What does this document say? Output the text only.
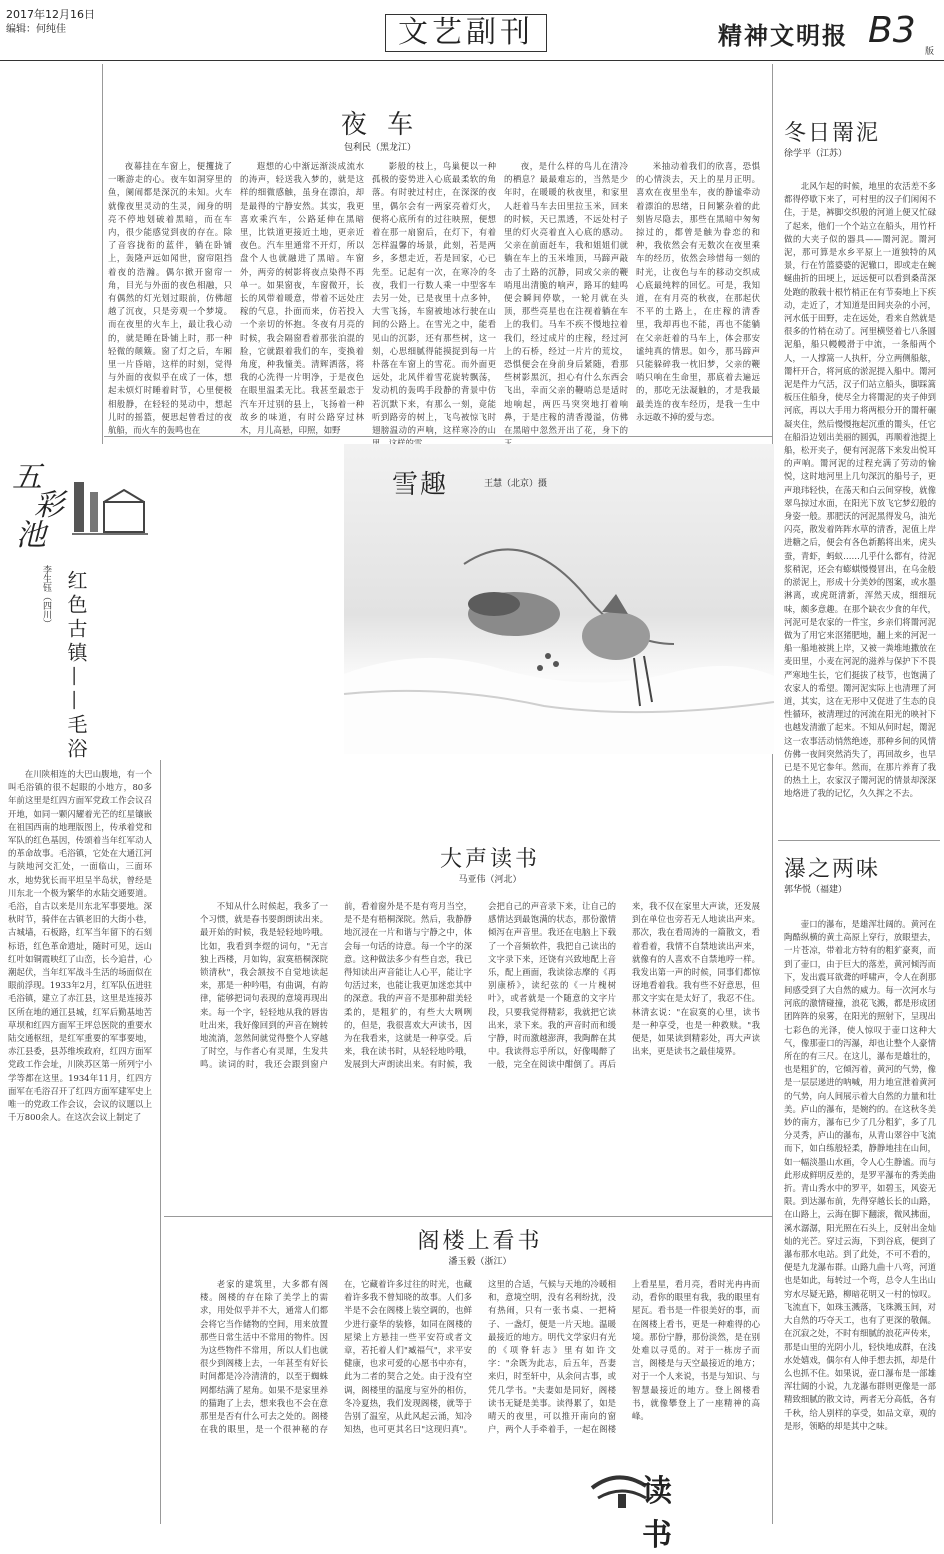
2017年12月16日
编辑：何纯佳	文艺副刊	精神文明报 B3
版
夜 车
包利民（黑龙江）

夜幕挂在车窗上，便攫拢了一晰游走的心。夜车如洞穿里的鱼，阑闹都是深沉的未知。火车就像夜里灵动的生灵，闹身的明亮不停地划破着黑暗，而在车内，很少能感觉到夜的存在。除了音容拢衔的蓝伴，躺在卧铺上，轰隆声远如闻世，窗帘阻挡着夜的浩瀚。偶尔掀开窗帘一角，目光与外面的夜色相融，只有偶然的灯光划过眼前，仿佛超越了沉夜，只是旁观一个梦境。而在夜里的火车上，最让我心动的，就是睡在卧铺上时，那一种轻微的颠簸。窗了灯之后，车厢里一片昏暗，这样的时刻，觉得与外面的夜似乎在成了一体，想起未烦灯时睡着时节，心里便极相般静，在轻轻的晃动中，想起儿时的摇篮，便思起曾看过的夜航船，而火车的轰鸣也在

遐想的心中渐远渐淡成流水的涛声，轻送我入梦的，就是这样的细微感触，虽身在漂泊，却是最得的宁静安然。其实，我更喜欢乘汽车，公路延伸在黑暗里，比铁道更接近土地，更亲近夜色。汽车里通常不开灯，所以盘个人也就融进了黑暗。车窗外，两旁的树影将夜点染得不再单一。如果窗夜，车窗微开，长长的风带着暖意，带着不远处庄稼的气息，扑面而来，仿若投入一个亲切的怀抱。冬夜有月亮的时候，我会隔窗看着那张泊混的脸，它就跟着我们的车，变换着角度，种我憧美。清辉洒落，将我的心洗得一片明净，于是夜色在眼里温柔无比。我甚至最恋于汽车开过别的县上，飞扬着一种故乡的味道，有时公路穿过林木，月儿高悬，印照，如野

影般的枝上，鸟巢便以一种孤极的姿势进入心底最柔软的角落。有时驶过村庄，在深深的夜里，偶尔会有一两家亮着灯火，便将心底所有的过往映照，便想着在那一扇窗后，在灯下，有着怎样温馨的场景，此刻，若是两乡，多想走近，若是回家，心已先至。记起有一次，在寒冷的冬夜，我们一行数人乘一中型客车去另一处，已是夜里十点多钟，大雪飞扬，车窗被地冰行驶在山间的公路上。在雪光之中，能看见山的沉影，还有那些树，这一刻，心思细腻得能摸捉到每一片朴落在车窗上的雪花。而外面更远处，北风伴着雪花旋转飘荡，发动机的轰鸣手段静的背景中仿若沉默下来，有那么一刻，竟能听到路旁的树上，飞鸟被惊飞时翅膀温动的声响，这样寒冷的山

夜，是什么样的鸟儿在清冷的栖息？最最难忘的，当然是少年时，在暖暖的秋夜里，和家里人赶着马车去田里拉玉米，回来的时候，天已黑透，不远处村子里的灯火亮着直入心底的感动。父亲在前面赶车，我和姐姐们就躺在车上的玉米堆顶，马蹄声敲击了土路的沉静，同或父亲的鞭哨甩出清脆的响声，路耳的蛙鸣便会瞬间停歇，一轮月就在头顶，那些亮星也在注视着躺在车上的我们。马车不疾不慢地拉着我们，经过成片的庄稼，经过河上的石桥，经过一片片的荒坟，恐惧便会在身前身后紧随，看那些树影黑沉，担心有什么东西会飞出，幸而父亲的鞭哨总是适时地响起，两匹马突突地打着响鼻，于是庄稼的清香漫溢，仿佛在黑暗中忽然开出了花，身下的

米抽动着我们的欣喜，恐惧的心情淡去，天上的星月正明。喜欢在夜里坐车，夜的静谧牵动着漂泊的思绪，日间繁杂着的此刻皆尽隐去，那些在黑暗中匆匆掠过的，都曾是触为眷恋的和种，我依然会有无数次在夜里乘车的经历，依然会珍惜每一刻的时光，让夜色与车的移动交织成心底最纯粹的回忆。可是，我知道，在有月亮的秋夜，在那起伏不平的土路上，在庄稼的清香里，我却再也不能，再也不能躺在父亲赶着的马车上，体会那安谧纯真的情思。如今，那马蹄声只能躲碎我一枕旧梦，父亲的鞭哨只响在生命里，那底着去遍远的，那吃无法凝触的，才是我最最美连的夜车经历，是我一生中永远敢不掉的爱与恋。

冬日罱泥
徐学平（江苏）

北风乍起的时候，地里的农活差不多都得停歇下来了，可村里的汉子们闲闲不住，于是，裤脚交织般的河道上便又忙碌了起来，他们一个个站立在船头，用竹杆做的大夹子似的器具——罱河泥。罱河泥，那可算是水乡平原上一道独特的风景，行在竹篮婆婆的泥辙口，即或走在蜿蜒曲折的田埂上，远远便可以看到桑苗深处跑的散载十根竹梢正在有节奏地上下疾动，走近了，才知道是田间夹杂的小河，河水低于田野，走在远处，看来自然就是很多的竹梢在动了。河里横竖着七八条圆泥船，船只幔幔滑于中流，一条船两个人，一人撑篙一人执杆，分立两侧船舷，罱杆开合，将河底的淤泥提入船中。罱河泥是件力气活，汉子们站立船头，脚踩篙板压住船身，使尽全力将罱泥的夹子伸到河底，再以大手用力将两根分开的罱杆碾凝夹住，然后慢慢拖起沉重的罱头，任它在船沿边划出美丽的圆弧，再顺着池提上船，松开夹子，便有河泥落下来发出悦耳的声响。罱河泥的过程充满了劳动的愉悦，这时地河里上几句深沉的船号子，更声琅玮轻快，在荡天和白云间穿梭，就像翠鸟掠过水面，在阳光下放飞它梦幻般的身姿一般。那肥沃的河泥黑得发乌，油光闪亮，散发着阵阵水草的清香，泥值上岸进糖之后，便会有各色新鹅将出来，虎头蚕，青虾，蚂蚁……几乎什么都有，待泥浆稍泥，还会有蟛蜞慢慢冒出，在乌金般的淤泥上，形成十分美妙的图案，或水墨淋离，或虎斑清新，浑然天成，细细玩味，颇多意趣。在那个缺衣少食的年代，河泥可是农家的一件宝，乡亲们将罱河泥做为了用它来沤猪肥地，翻上来的河泥一船一船地被挑上岸，又被一粪堆地撒放在麦田里，小麦在河泥的滋养与保护下不畏严寒地生长，它们挺拔了枝节，也饱满了农家人的希望。罱河泥实际上也清理了河道，其实，这在无形中又促进了生态的良性循环，被清理过的河流在阳光的映衬下也越发清澈了起来。不知从何时起，罱泥这一农事活动悄然绝迹，那种乡间的风情仿佛一夜间突然消失了，再回故乡，也早已是不见它参年。然而，在那片养育了我的热土上，农家汉子罱河泥的情景却深深地烙进了我的记忆，久久挥之不去。

瀑之两味
郭华悦（福建）

壶口的瀑布，是雄浑壮阔的。黄河在陶酷纵横的黄土高原上穿行，放眼望去，一片苍凉，带着北方特有的粗犷豪爽，而到了壶口，由于巨大的落差，黄河倾泻而下，发出震耳欲聋的呼啸声，令人在刹那间感受到了大自然的威力。每一次河水与河底的激情碰撞，浪花飞溅，都是形成团团阵阵的泉雾，在阳光的照射下，呈现出七彩色的光泽，使人惊叹于壶口这种大气，像那壶口的泻瀑，却也让整个人豪情所在的有三尺。在这儿，瀑布是雄壮的，也是粗犷的，它倾泻着，黄河的气势，像是一层层递进的呐喊，用力地宣泄着黄河的气势，向人间展示着大自然的力量和壮美。庐山的瀑布，是婉约的。在这秋冬美妙的南方，瀑布已少了几分粗犷，多了几分灵秀，庐山的瀑布，从青山翠谷中飞流而下，如白练般轻柔，静静地挂在山间，如一幅淡墨山水画，令人心生静谧。而与此形成鲜明反差的，是罗平瀑布的秀美曲折。青山秀水中的罗平，如碧玉，风姿无限。到达瀑布前，先得穿越长长的山路，在山路上，云海在脚下翻滚，微风拂面，溪水潺潺，阳光照在石头上，反射出金灿灿的光芒。穿过云海，下到谷底，便到了瀑布那水电站。到了此处，不可不看的，便是九龙瀑布群。山路九曲十八弯，河道也是如此，每转过一个弯，总令人生出山穷水尽疑无路，柳暗花明又一村的惊叹。飞流直下，如珠玉溅落，飞珠溅玉间，对大自然的巧夺天工，也有了更深的敬佩。在沉寂之处，不时有细腻的浪花声传来，那是山里的光阴小儿，轻快地成群，在浅水处嬉戏，偶尔有人伸手想去抓，却是什么也抓不住。如果说，壶口瀑布是一部雄浑壮阔的小说，九龙瀑布群则更像是一部精致细腻的散文诗，两者无分高低，各有千秋，给人别样的享受，如品文章，观的是形，领略的却是其中之味。

雪趣	王慧（北京）摄
五
彩
池
红色古镇——毛浴
李生钰（四川）

在川陕相连的大巴山腹地，有一个叫毛浴镇的很不起眼的小地方，80多年前这里是红四方面军党政工作会议召开地，如同一颗闪耀着光芒的红星镶嵌在祖国西南的地理版图上，传承着党和军队的红色基因，传颂着当年红军动人的革命故事。毛浴镇，它处在大通江河与陕地河交汇处，一面临山，三面环水，地势犹长而平坦呈半岛状，曾经是川东北一个极为繁华的水陆交通要道。毛浴，自古以来是川东北军事要地。深秋时节，骑伴在古镇老旧的大街小巷，古城墙，石板路，红军当年留下的石刻标语，红色革命遗址，随时可见，远山红叶如铜霞映红了山峦，长今追昔，心潮起伏，当年红军战斗生活的场面似在眼前浮现。1933年2月，红军队伍进驻毛浴镇，建立了赤江县，这里是连接苏区所在地的通江县城，红军后勤基地苦草坝和红四方面军王坪总医院的重要水陆交通枢纽，是红军重要的军事要地，赤江县委，县苏维埃政府，红四方面军党政工作会址，川陕苏区第一所列宁小学等都在这里。1934年11月，红四方面军在毛浴召开了红四方面军建军史上唯一的党政工作会议，会议的议题以上千万800余人。在这次会议上制定了

大声读书
马亚伟（河北）

不知从什么时候起，我多了一个习惯，就是春书要朗朗读出来。最开始的时候，我是轻轻地吟哦。比如，我看到李煜的词句，"无言独上西楼，月如钩，寂寞梧桐深院锁清秋"，我会颔按不自觉地读起来，那是一种吟唱，有曲调，有韵律，能够把词句表现的意境再现出来。每一个字，轻轻地从我的唇齿吐出来，我好像回到的声音在婉转地流淌，忽然间就觉得整个人穿越了时空，与作者心有灵犀，生发共鸣。读词的时，我还会跟到窗户前，看着窗外是不是有弯月当空，是不是有梧桐深院。然后，我静静地沉浸在一片和谐与宁静之中，体会每一句话的诗意。每一个字的深意。这种做法多少有些自恋，我已得知读出声音能让人心平，能让字句活过来，也能让我更加迷恋其中的深意。我的声音不是那种甜美轻柔的，是粗犷的，有些大大咧咧的，但是，我很喜欢大声读书，因为在我看来，这就是一种享受。后来，我在读书时，从轻轻地吟哦，发展到大声朗读出来。有时候，我会把自己的声音录下来，让自己的感情达到最饱满的状态，那份激情倾泻在声音里。我还在电脑上下载了一个音频软件，我把自己读出的文字录下来，还饶有兴致地配上音乐，配上画面，我读徐志摩的《再别康桥》，读纪弦的《一片槐树叶》，或者就是一个随意的文字片段，只要我觉得精彩，我就把它读出来，录下来。我的声音时而和缓宁静，时而激越澎湃，我陶醉在其中。我读得忘乎所以，好像喝醉了一般，完全在阅读中酣倒了。再后来，我不仅在家里大声读，还发展到在单位也旁若无人地读出声来。那次，我在看周涛的一篇散文，看着看着，我情不自禁地读出声来，就像有的人喜欢不自禁地哼一样。我发出第一声的时候，同事们都惊讶地看着我。我有些不好意思，但那文字实在是太好了，我忍不住。林清玄说："在寂寞的心里，读书是一种享受，也是一种救赎。"我便是，如果读到精彩处，再大声读出来，更是读书之最佳境界。

阁楼上看书
潘玉毅（浙江）

老家的建筑里，大多都有阁楼。阁楼的存在除了美学上的需求，用处似乎并不大，通常人们都会将它当作储物的空间，用来放置那些日常生活中不常用的物件。因为这些物件不常用，所以人们也就很少到阁楼上去，一年甚至有好长时间都是冷冷清清的，以至于蜘蛛网都结满了屋角。如果不是家里养的猫跑了上去，想来我也不会在意那里是否有什么可去之处的。阁楼在我的眼里，是一个很神秘的存在，它藏着许多过往的时光，也藏着许多我不曾知晓的故事。人们多半是不会在阁楼上装空调的，也鲜少进行豪华的装修，如同在阁楼的屋梁上方悬挂一些平安符或者文章，若托着人们"臧福气"，求平安健康，也求可爱的心愿书中亦有，此为二者的契合之处。由于没有空调，阁楼里的温度与室外的相仿，冬冷夏热，我们发现阁楼，就等于告别了温室，从此风起云涌，知冷知热，也可更其名曰"这现归真"。这里的合适，气候与天地的冷暖相和，意境空明，没有名利纷扰，没有热闹，只有一张书桌、一把椅子、一盏灯，便是一片天地。温暖最接近的地方。明代文学家归有光的《项脊轩志》里有如许文字："余既为此志，后五年，吾妻来归，时至轩中，从余问古事，或凭几学书。"夫妻如是同好，阁楼读书无疑是美事。读得累了，如是晴天的夜里，可以推开南向的窗户，两个人手牵着手，一起在阁楼上看星星，看月亮，看时光冉冉而动，看你的眼里有我，我的眼里有屋瓦。看书是一件很美好的事，而在阁楼上看书，更是一种难得的心境。那份宁静，那份淡然，是在别处难以寻觅的。对于一栋房子而言，阁楼是与天空最接近的地方；对于一个人来说，书是与知识、与智慧最接近的地方。登上阁楼看书，就像攀登上了一座精神的高峰。

读书
